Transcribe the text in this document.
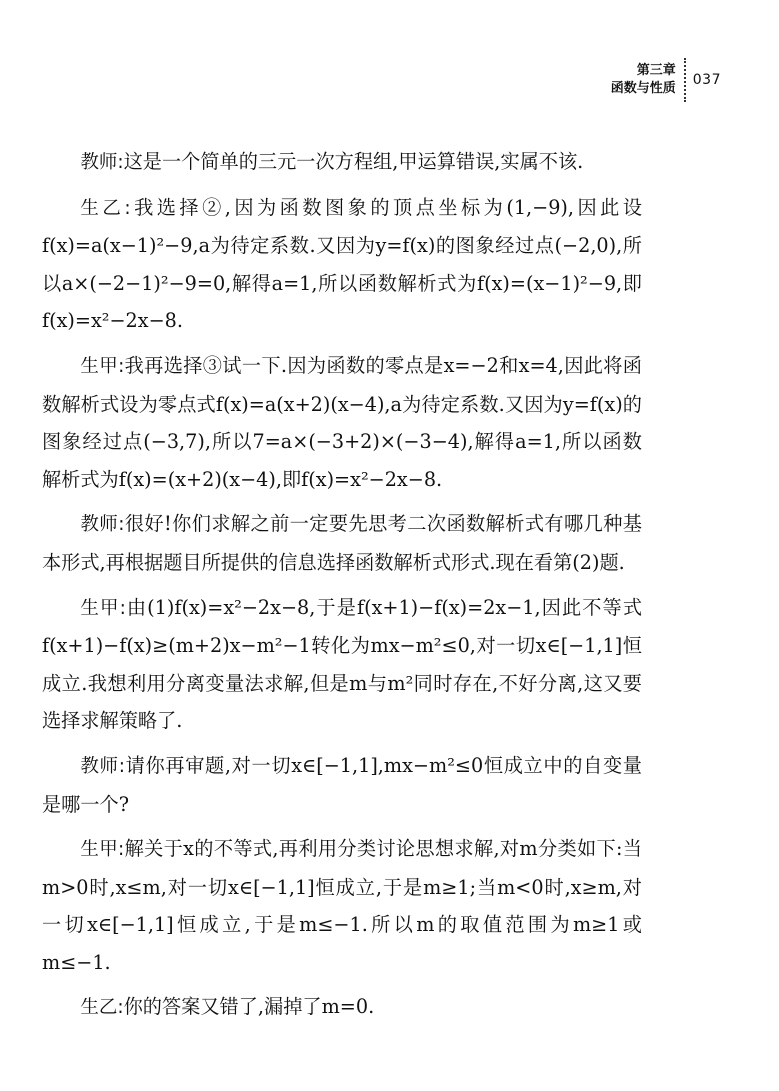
第三章
函数与性质
037

教师:这是一个简单的三元一次方程组,甲运算错误,实属不该.

生乙:我选择②,因为函数图象的顶点坐标为(1,−9),因此设f(x)=a(x−1)²−9,a为待定系数.又因为y=f(x)的图象经过点(−2,0),所以a×(−2−1)²−9=0,解得a=1,所以函数解析式为f(x)=(x−1)²−9,即f(x)=x²−2x−8.

生甲:我再选择③试一下.因为函数的零点是x=−2和x=4,因此将函数解析式设为零点式f(x)=a(x+2)(x−4),a为待定系数.又因为y=f(x)的图象经过点(−3,7),所以7=a×(−3+2)×(−3−4),解得a=1,所以函数解析式为f(x)=(x+2)(x−4),即f(x)=x²−2x−8.

教师:很好!你们求解之前一定要先思考二次函数解析式有哪几种基本形式,再根据题目所提供的信息选择函数解析式形式.现在看第(2)题.

生甲:由(1)f(x)=x²−2x−8,于是f(x+1)−f(x)=2x−1,因此不等式f(x+1)−f(x)≥(m+2)x−m²−1转化为mx−m²≤0,对一切x∈[−1,1]恒成立.我想利用分离变量法求解,但是m与m²同时存在,不好分离,这又要选择求解策略了.

教师:请你再审题,对一切x∈[−1,1],mx−m²≤0恒成立中的自变量是哪一个?

生甲:解关于x的不等式,再利用分类讨论思想求解,对m分类如下:当m>0时,x≤m,对一切x∈[−1,1]恒成立,于是m≥1;当m<0时,x≥m,对一切x∈[−1,1]恒成立,于是m≤−1.所以m的取值范围为m≥1或m≤−1.

生乙:你的答案又错了,漏掉了m=0.
